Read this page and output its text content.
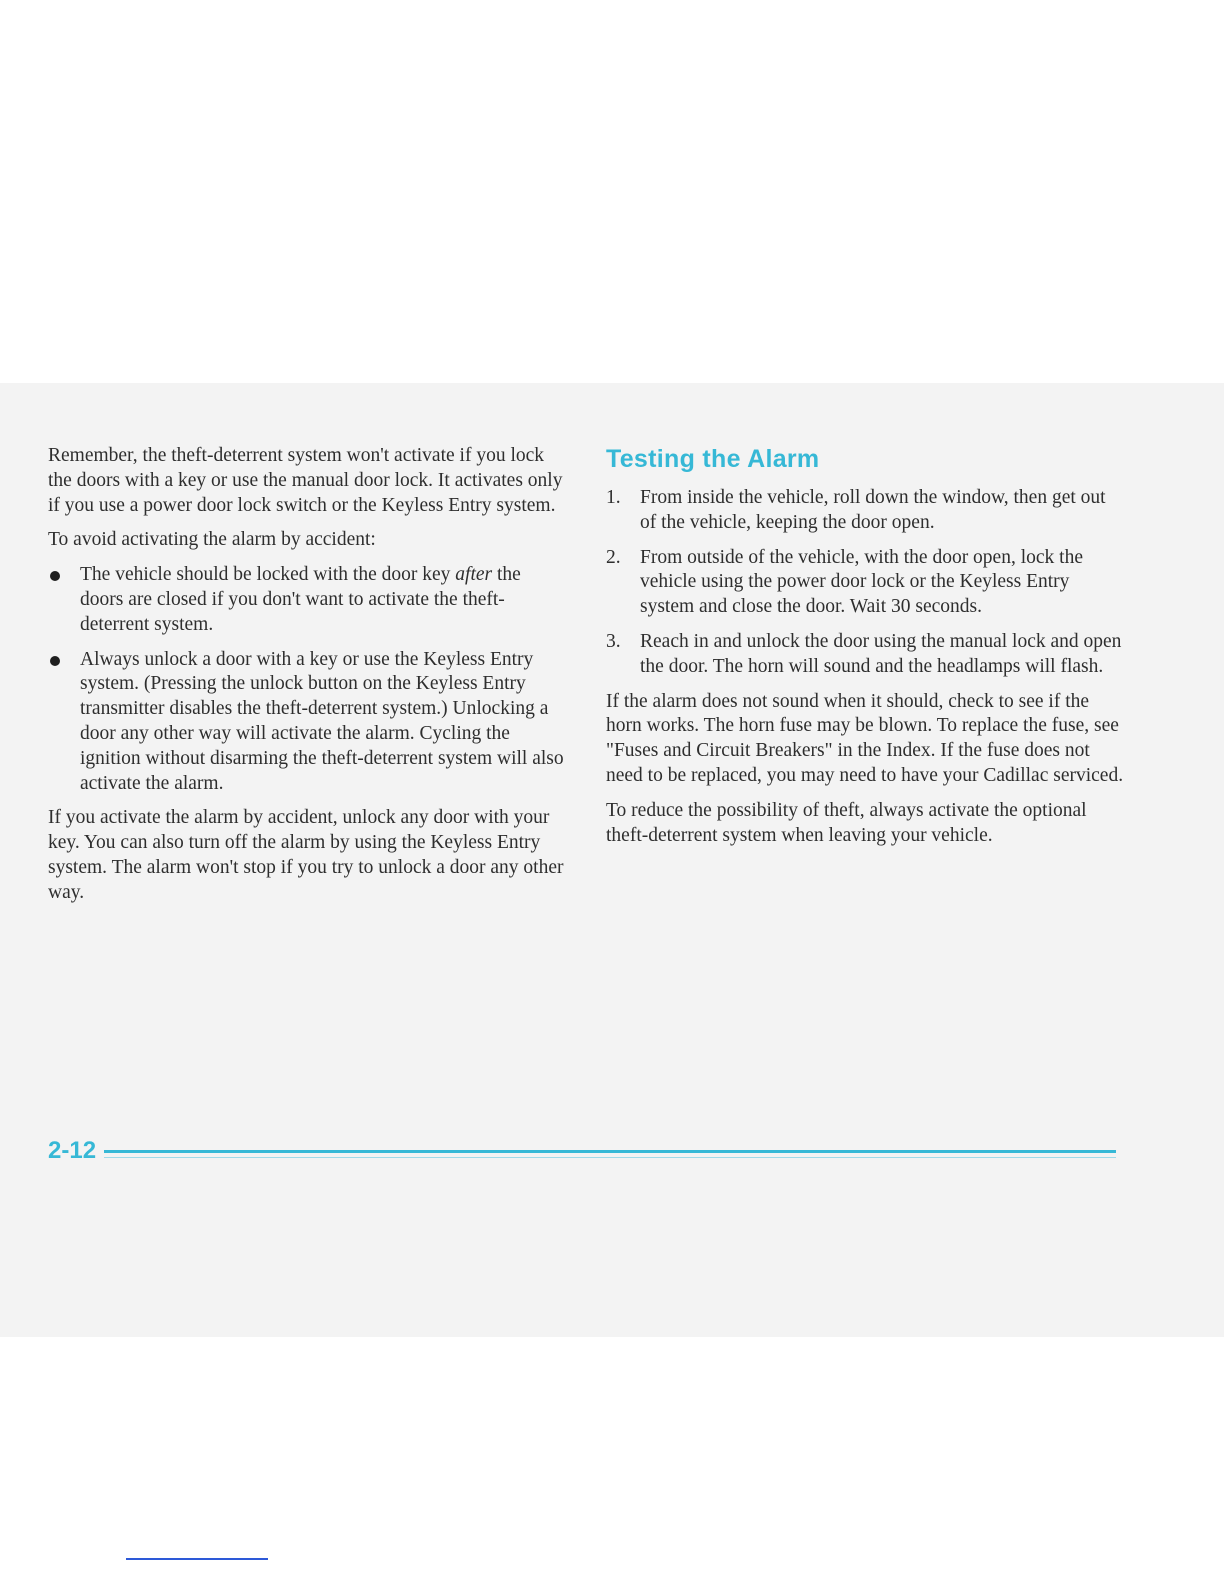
Remember, the theft-deterrent system won't activate if you lock the doors with a key or use the manual door lock. It activates only if you use a power door lock switch or the Keyless Entry system.

To avoid activating the alarm by accident:

The vehicle should be locked with the door key after the doors are closed if you don't want to activate the theft-deterrent system.
Always unlock a door with a key or use the Keyless Entry system. (Pressing the unlock button on the Keyless Entry transmitter disables the theft-deterrent system.) Unlocking a door any other way will activate the alarm. Cycling the ignition without disarming the theft-deterrent system will also activate the alarm.

If you activate the alarm by accident, unlock any door with your key. You can also turn off the alarm by using the Keyless Entry system. The alarm won't stop if you try to unlock a door any other way.

Testing the Alarm
1. From inside the vehicle, roll down the window, then get out of the vehicle, keeping the door open.
2. From outside of the vehicle, with the door open, lock the vehicle using the power door lock or the Keyless Entry system and close the door. Wait 30 seconds.
3. Reach in and unlock the door using the manual lock and open the door. The horn will sound and the headlamps will flash.

If the alarm does not sound when it should, check to see if the horn works. The horn fuse may be blown. To replace the fuse, see "Fuses and Circuit Breakers" in the Index. If the fuse does not need to be replaced, you may need to have your Cadillac serviced.

To reduce the possibility of theft, always activate the optional theft-deterrent system when leaving your vehicle.

2-12
